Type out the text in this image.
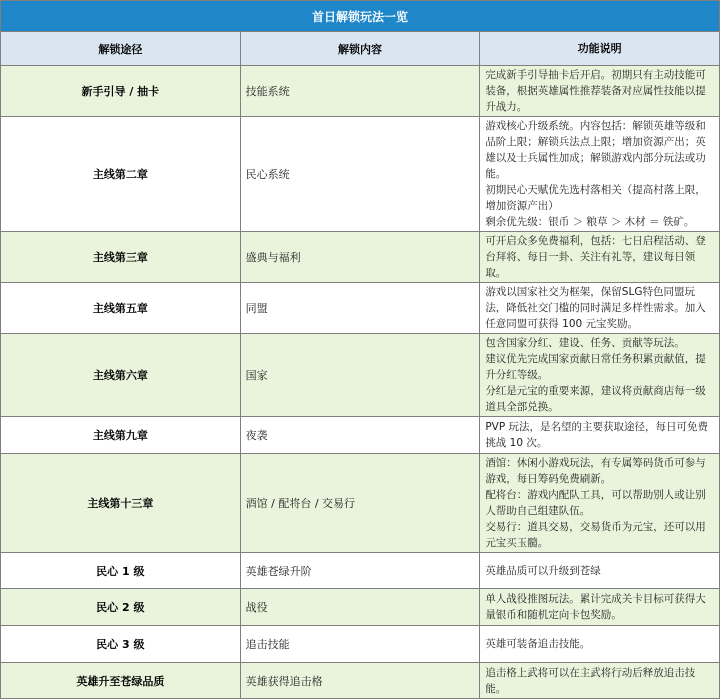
首日解锁玩法一览		
解锁途径	解锁内容	功能说明
新手引导 / 抽卡	技能系统	完成新手引导抽卡后开启。初期只有主动技能可装备，根据英雄属性推荐装备对应属性技能以提升战力。

主线第二章	民心系统	游戏核心升级系统。内容包括：解锁英雄等级和品阶上限；解锁兵法点上限；增加资源产出；英雄以及士兵属性加成；解锁游戏内部分玩法或功能。
初期民心天赋优先选村落相关（提高村落上限，增加资源产出）
剩余优先级：银币 ＞ 粮草 ＞ 木材 ＝ 铁矿。

主线第三章	盛典与福利	可开启众多免费福利，包括：七日启程活动、登台拜将、每日一卦、关注有礼等，建议每日领取。

主线第五章	同盟	游戏以国家社交为框架，保留SLG特色同盟玩法，降低社交门槛的同时满足多样性需求。加入任意同盟可获得 100 元宝奖励。

主线第六章	国家	包含国家分红、建设、任务、贡献等玩法。
建议优先完成国家贡献日常任务积累贡献值，提升分红等级。
分红是元宝的重要来源，建议将贡献商店每一级道具全部兑换。

主线第九章	夜袭	PVP 玩法，是名望的主要获取途径，每日可免费挑战 10 次。

主线第十三章	酒馆 / 配将台 / 交易行	酒馆：休闲小游戏玩法，有专属筹码货币可参与游戏，每日筹码免费刷新。
配将台：游戏内配队工具，可以帮助别人或让别人帮助自己组建队伍。
交易行：道具交易，交易货币为元宝，还可以用元宝买玉髓。

民心 1 级	英雄苍绿升阶	英雄品质可以升级到苍绿

民心 2 级	战役	单人战役推图玩法。累计完成关卡目标可获得大量银币和随机定向卡包奖励。

民心 3 级	追击技能	英雄可装备追击技能。

英雄升至苍绿品质	英雄获得追击格	追击格上武将可以在主武将行动后释放追击技能。
